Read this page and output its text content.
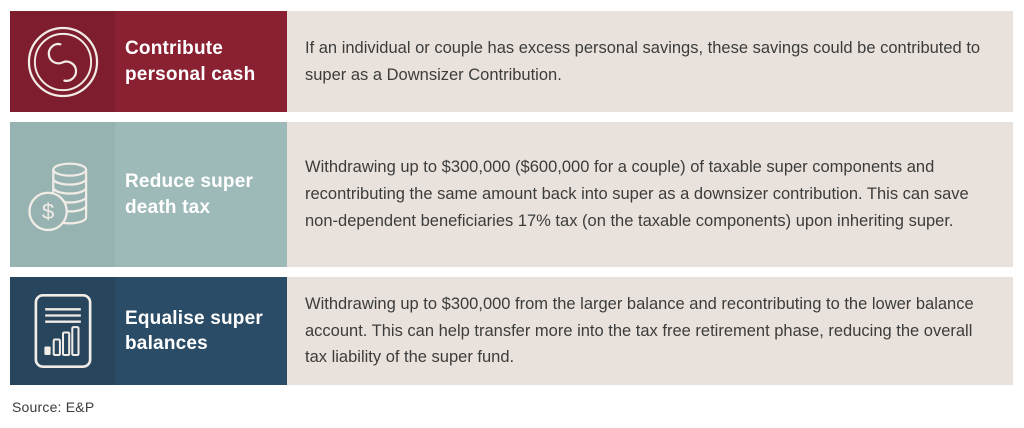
Contribute personal cash
If an individual or couple has excess personal savings, these savings could be contributed to super as a Downsizer Contribution.
$
Reduce super death tax
Withdrawing up to $300,000 ($600,000 for a couple) of taxable super components and recontributing the same amount back into super as a downsizer contribution. This can save non-dependent beneficiaries 17% tax (on the taxable components) upon inheriting super.
Equalise super balances
Withdrawing up to $300,000 from the larger balance and recontributing to the lower balance account. This can help transfer more into the tax free retirement phase, reducing the overall tax liability of the super fund.
Source: E&P
